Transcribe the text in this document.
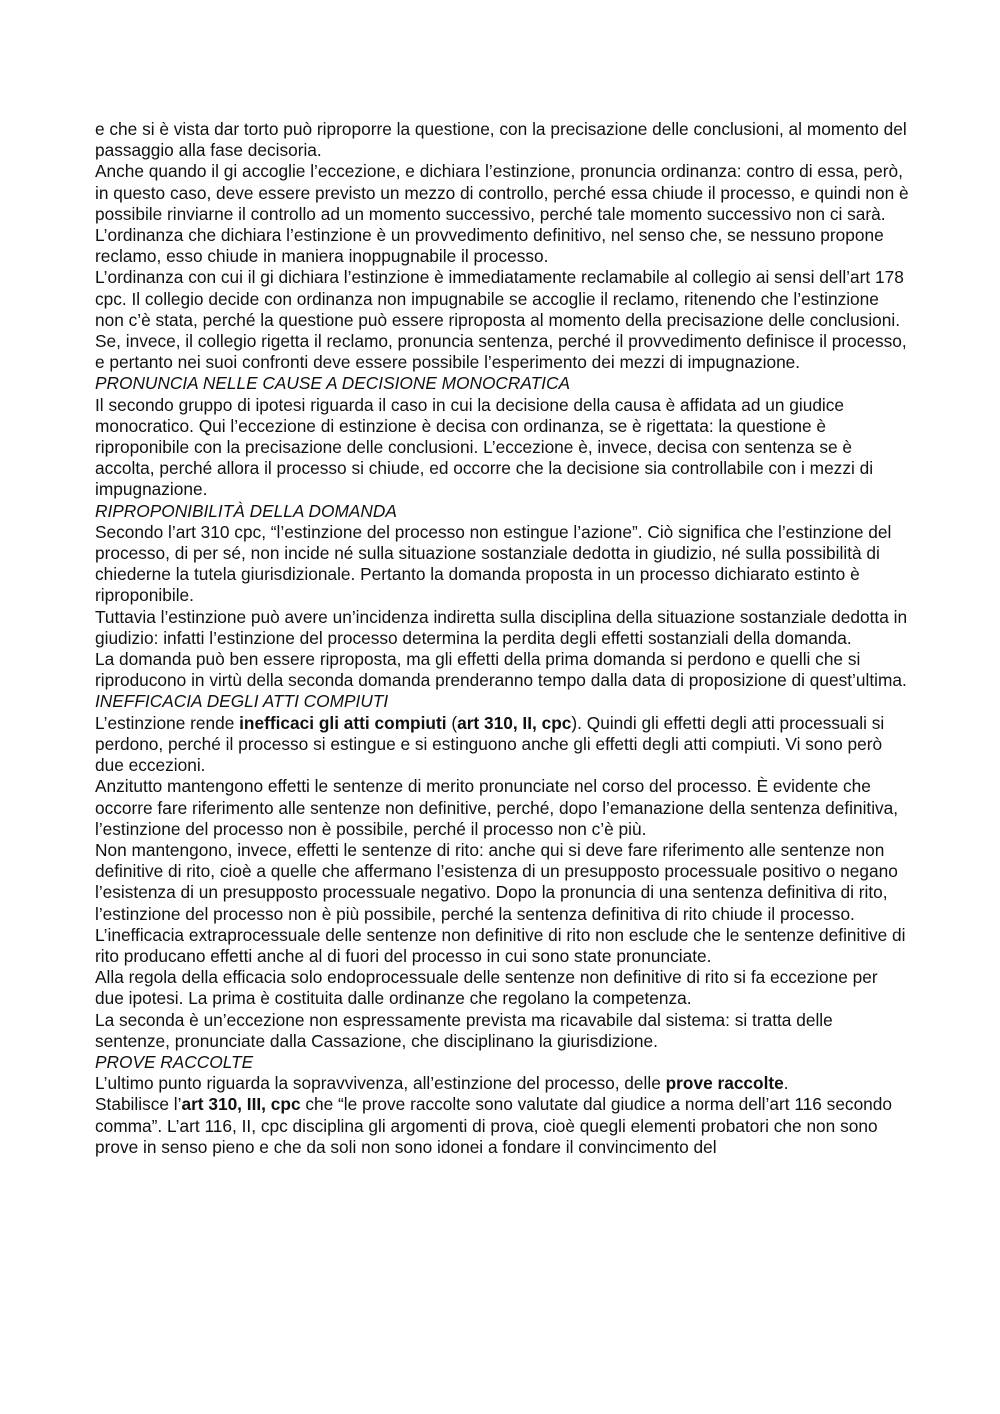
e che si è vista dar torto può riproporre la questione, con la precisazione delle conclusioni, al momento del passaggio alla fase decisoria.

Anche quando il gi accoglie l’eccezione, e dichiara l’estinzione, pronuncia ordinanza: contro di essa, però, in questo caso, deve essere previsto un mezzo di controllo, perché essa chiude il processo, e quindi non è possibile rinviarne il controllo ad un momento successivo, perché tale momento successivo non ci sarà. L’ordinanza che dichiara l’estinzione è un provvedimento definitivo, nel senso che, se nessuno propone reclamo, esso chiude in maniera inoppugnabile il processo.

L’ordinanza con cui il gi dichiara l’estinzione è immediatamente reclamabile al collegio ai sensi dell’art 178 cpc. Il collegio decide con ordinanza non impugnabile se accoglie il reclamo, ritenendo che l’estinzione non c’è stata, perché la questione può essere riproposta al momento della precisazione delle conclusioni.

Se, invece, il collegio rigetta il reclamo, pronuncia sentenza, perché il provvedimento definisce il processo, e pertanto nei suoi confronti deve essere possibile l’esperimento dei mezzi di impugnazione.

PRONUNCIA NELLE CAUSE A DECISIONE MONOCRATICA

Il secondo gruppo di ipotesi riguarda il caso in cui la decisione della causa è affidata ad un giudice monocratico. Qui l’eccezione di estinzione è decisa con ordinanza, se è rigettata: la questione è riproponibile con la precisazione delle conclusioni. L’eccezione è, invece, decisa con sentenza se è accolta, perché allora il processo si chiude, ed occorre che la decisione sia controllabile con i mezzi di impugnazione.

RIPROPONIBILITÀ DELLA DOMANDA

Secondo l’art 310 cpc, “l’estinzione del processo non estingue l’azione”. Ciò significa che l’estinzione del processo, di per sé, non incide né sulla situazione sostanziale dedotta in giudizio, né sulla possibilità di chiederne la tutela giurisdizionale. Pertanto la domanda proposta in un processo dichiarato estinto è riproponibile.

Tuttavia l’estinzione può avere un’incidenza indiretta sulla disciplina della situazione sostanziale dedotta in giudizio: infatti l’estinzione del processo determina la perdita degli effetti sostanziali della domanda.

La domanda può ben essere riproposta, ma gli effetti della prima domanda si perdono e quelli che si riproducono in virtù della seconda domanda prenderanno tempo dalla data di proposizione di quest’ultima.

INEFFICACIA DEGLI ATTI COMPIUTI

L’estinzione rende inefficaci gli atti compiuti (art 310, II, cpc). Quindi gli effetti degli atti processuali si perdono, perché il processo si estingue e si estinguono anche gli effetti degli atti compiuti. Vi sono però due eccezioni.

Anzitutto mantengono effetti le sentenze di merito pronunciate nel corso del processo. È evidente che occorre fare riferimento alle sentenze non definitive, perché, dopo l’emanazione della sentenza definitiva, l’estinzione del processo non è possibile, perché il processo non c’è più.

Non mantengono, invece, effetti le sentenze di rito: anche qui si deve fare riferimento alle sentenze non definitive di rito, cioè a quelle che affermano l’esistenza di un presupposto processuale positivo o negano l’esistenza di un presupposto processuale negativo. Dopo la pronuncia di una sentenza definitiva di rito, l’estinzione del processo non è più possibile, perché la sentenza definitiva di rito chiude il processo.

L’inefficacia extraprocessuale delle sentenze non definitive di rito non esclude che le sentenze definitive di rito producano effetti anche al di fuori del processo in cui sono state pronunciate.

Alla regola della efficacia solo endoprocessuale delle sentenze non definitive di rito si fa eccezione per due ipotesi. La prima è costituita dalle ordinanze che regolano la competenza.

La seconda è un’eccezione non espressamente prevista ma ricavabile dal sistema: si tratta delle sentenze, pronunciate dalla Cassazione, che disciplinano la giurisdizione.

PROVE RACCOLTE

L’ultimo punto riguarda la sopravvivenza, all’estinzione del processo, delle prove raccolte.

Stabilisce l’art 310, III, cpc che “le prove raccolte sono valutate dal giudice a norma dell’art 116 secondo comma”. L’art 116, II, cpc disciplina gli argomenti di prova, cioè quegli elementi probatori che non sono prove in senso pieno e che da soli non sono idonei a fondare il convincimento del
